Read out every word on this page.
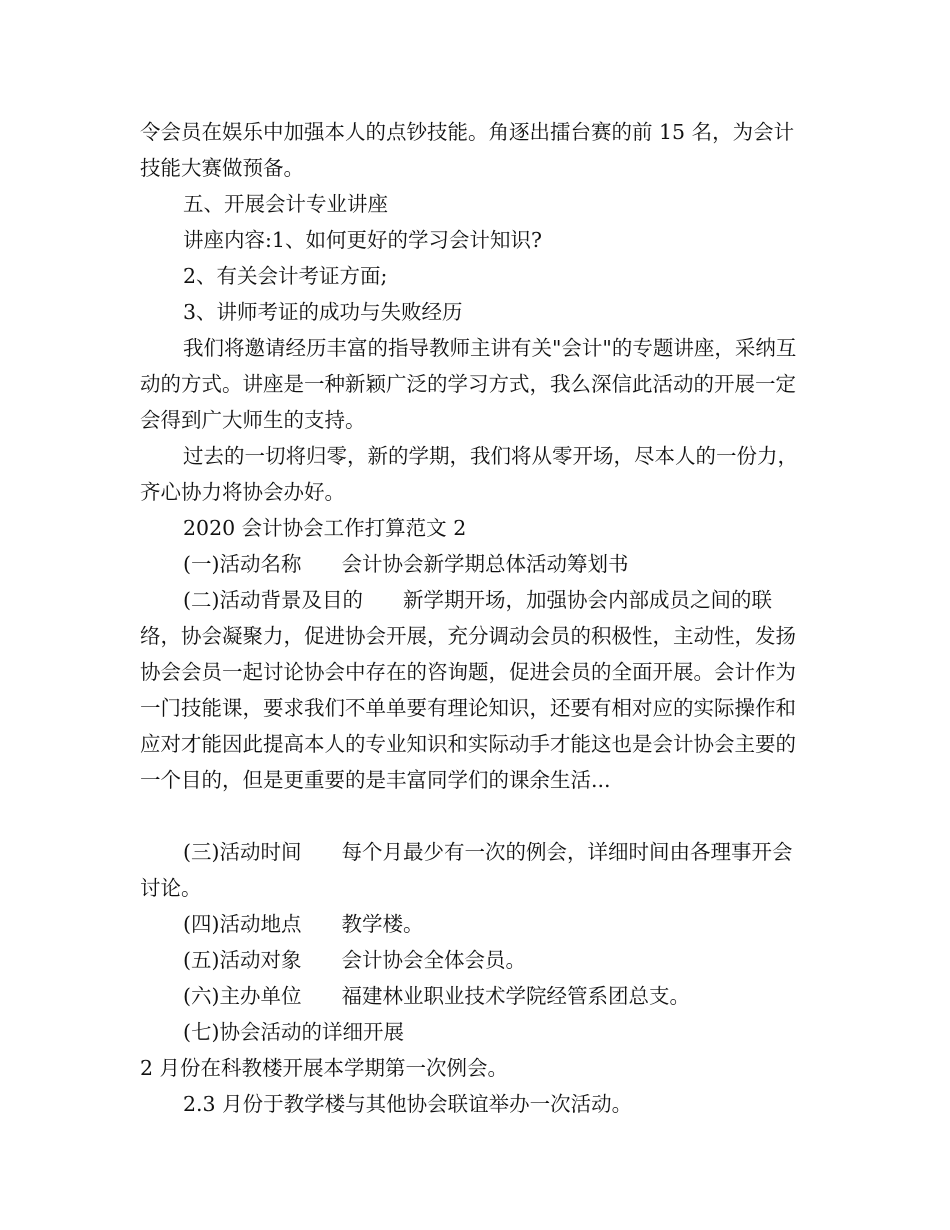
令会员在娱乐中加强本人的点钞技能。角逐出擂台赛的前 15 名，为会计技能大赛做预备。

五、开展会计专业讲座

讲座内容:1、如何更好的学习会计知识?

2、有关会计考证方面;

3、讲师考证的成功与失败经历

我们将邀请经历丰富的指导教师主讲有关"会计"的专题讲座，采纳互动的方式。讲座是一种新颖广泛的学习方式，我么深信此活动的开展一定会得到广大师生的支持。

过去的一切将归零，新的学期，我们将从零开场，尽本人的一份力，齐心协力将协会办好。

2020 会计协会工作打算范文 2

(一)活动名称 会计协会新学期总体活动筹划书

(二)活动背景及目的 新学期开场，加强协会内部成员之间的联络，协会凝聚力，促进协会开展，充分调动会员的积极性，主动性，发扬协会会员一起讨论协会中存在的咨询题，促进会员的全面开展。会计作为一门技能课，要求我们不单单要有理论知识，还要有相对应的实际操作和应对才能因此提高本人的专业知识和实际动手才能这也是会计协会主要的一个目的，但是更重要的是丰富同学们的课余生活...

(三)活动时间 每个月最少有一次的例会，详细时间由各理事开会讨论。

(四)活动地点 教学楼。

(五)活动对象 会计协会全体会员。

(六)主办单位 福建林业职业技术学院经管系团总支。

(七)协会活动的详细开展

2 月份在科教楼开展本学期第一次例会。

2.3 月份于教学楼与其他协会联谊举办一次活动。
